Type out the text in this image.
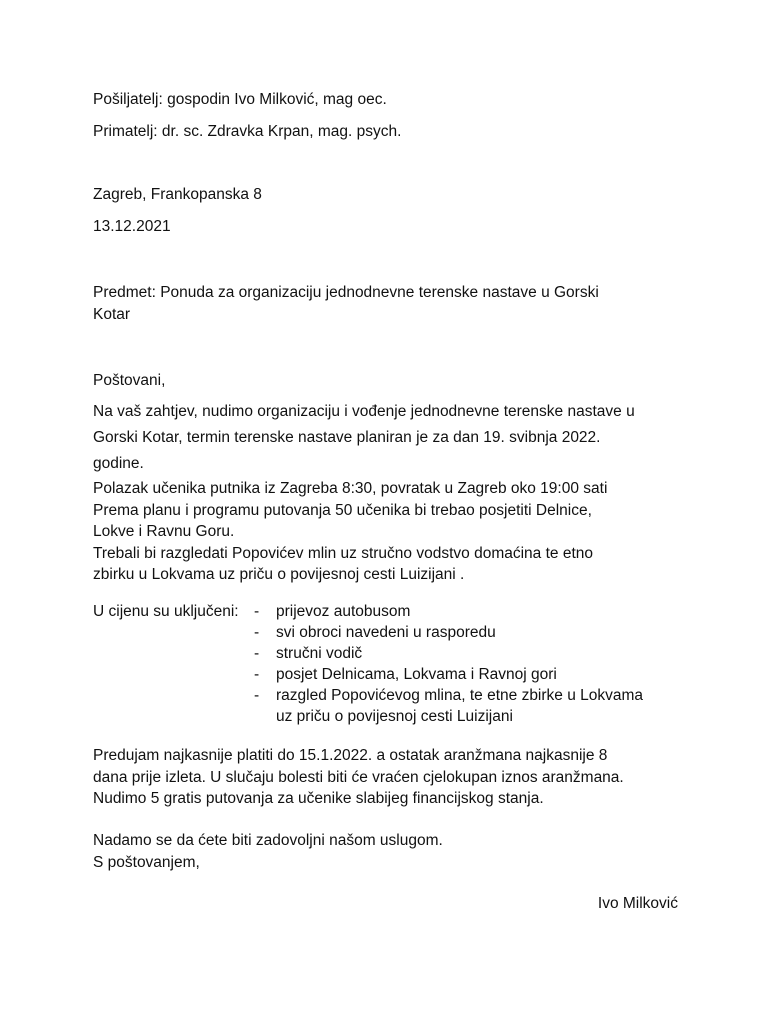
Pošiljatelj: gospodin Ivo Milković, mag oec.
Primatelj: dr. sc. Zdravka Krpan, mag. psych.
Zagreb, Frankopanska 8
13.12.2021
Predmet: Ponuda za organizaciju jednodnevne terenske nastave u Gorski
Kotar
Poštovani,
Na vaš zahtjev, nudimo organizaciju i vođenje jednodnevne terenske nastave u
Gorski Kotar, termin terenske nastave planiran je za dan 19. svibnja 2022.
godine.
Polazak učenika putnika iz Zagreba 8:30, povratak u Zagreb oko 19:00 sati
Prema planu i programu putovanja 50 učenika bi trebao posjetiti Delnice,
Lokve i Ravnu Goru.
Trebali bi razgledati Popovićev mlin uz stručno vodstvo domaćina te etno
zbirku u Lokvama uz priču o povijesnoj cesti Luizijani .
U cijenu su uključeni: - prijevoz autobusom
- svi obroci navedeni u rasporedu
- stručni vodič
- posjet Delnicama, Lokvama i Ravnoj gori
- razgled Popovićevog mlina, te etne zbirke u Lokvama
uz priču o povijesnoj cesti Luizijani
Predujam najkasnije platiti do 15.1.2022. a ostatak aranžmana najkasnije 8
dana prije izleta. U slučaju bolesti biti će vraćen cjelokupan iznos aranžmana.
Nudimo 5 gratis putovanja za učenike slabijeg financijskog stanja.
Nadamo se da ćete biti zadovoljni našom uslugom.
S poštovanjem,
Ivo Milković
